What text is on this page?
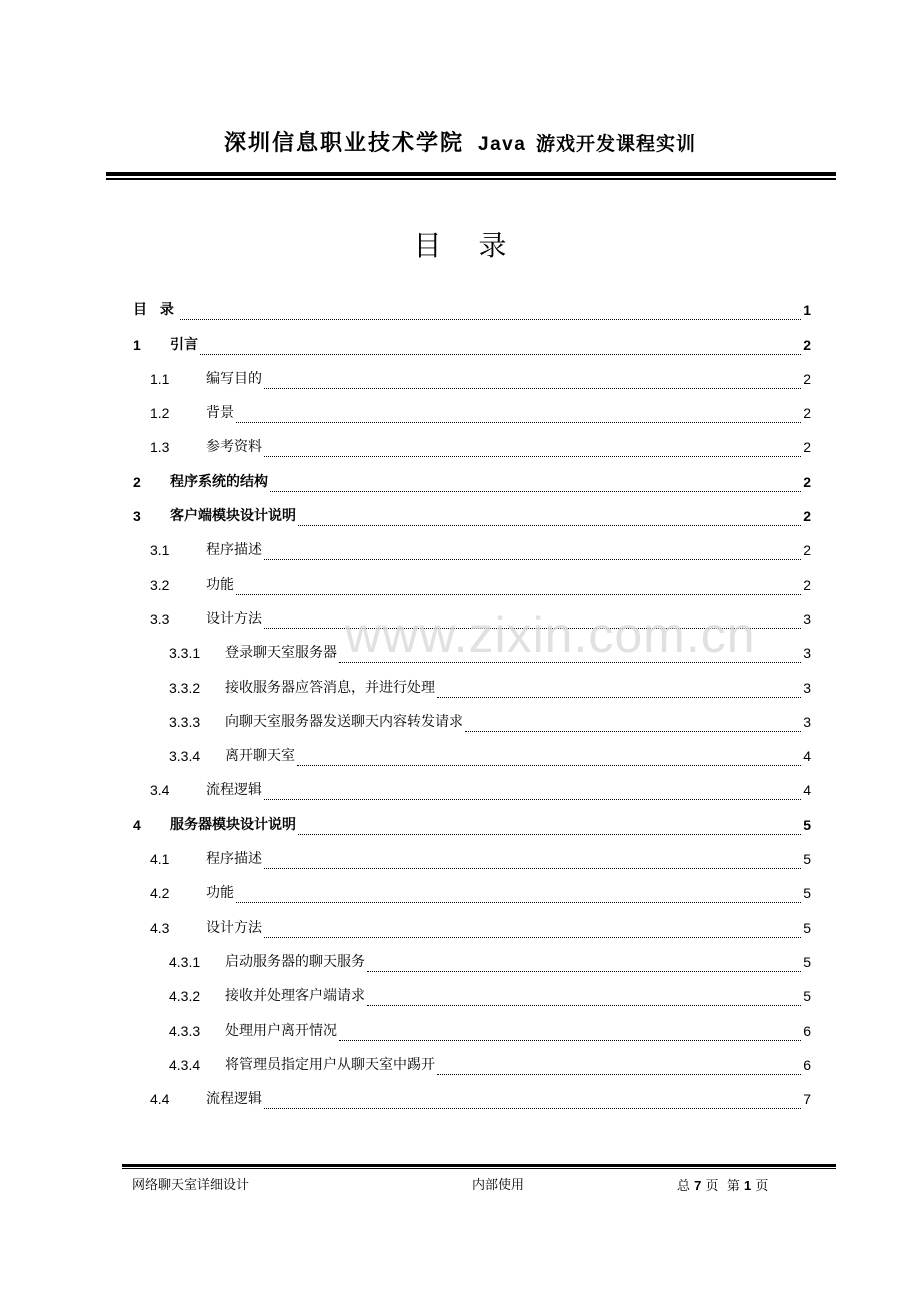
深圳信息职业技术学院 Java 游戏开发课程实训
目 录
目 录	1
1	引言	2
1.1	编写目的	2
1.2	背景	2
1.3	参考资料	2
2	程序系统的结构	2
3	客户端模块设计说明	2
3.1	程序描述	2
3.2	功能	2
3.3	设计方法	3
3.3.1	登录聊天室服务器	3
3.3.2	接收服务器应答消息，并进行处理	3
3.3.3	向聊天室服务器发送聊天内容转发请求	3
3.3.4	离开聊天室	4
3.4	流程逻辑	4
4	服务器模块设计说明	5
4.1	程序描述	5
4.2	功能	5
4.3	设计方法	5
4.3.1	启动服务器的聊天服务	5
4.3.2	接收并处理客户端请求	5
4.3.3	处理用户离开情况	6
4.3.4	将管理员指定用户从聊天室中踢开	6
4.4	流程逻辑	7
www.zixin.com.cn
网络聊天室详细设计	内部使用	总 7 页 第 1 页
